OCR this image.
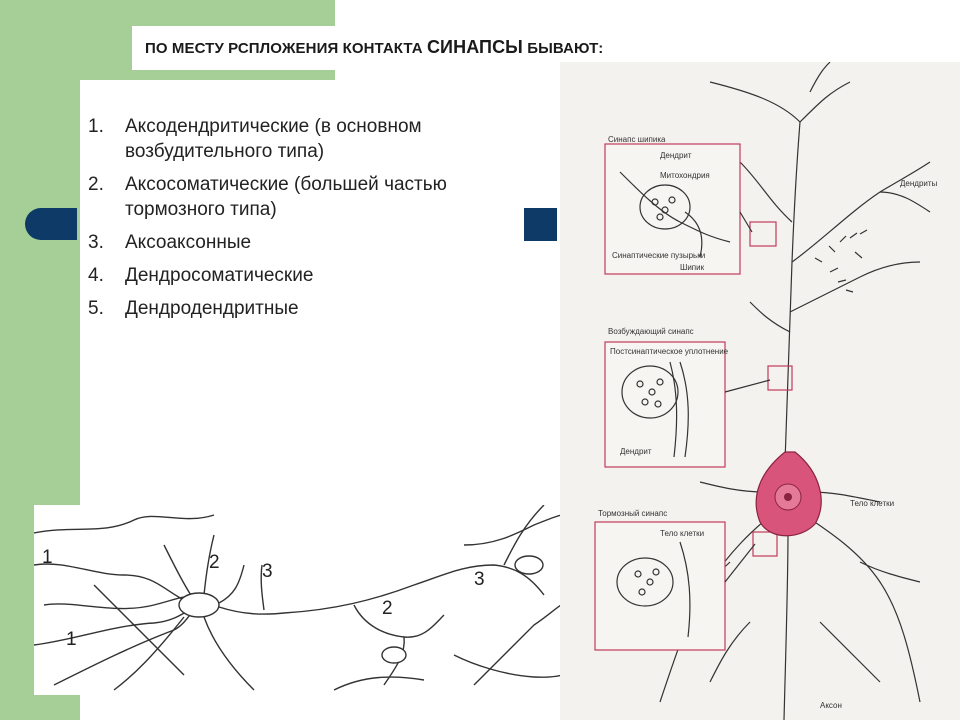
ПО МЕСТУ РСПЛОЖЕНИЯ КОНТАКТА СИНАПСЫ БЫВАЮТ:
1.	Аксодендритические (в основном возбудительного типа)
2.	Аксосоматические (большей частью тормозного типа)
3.	Аксоаксонные
4.	Дендросоматические
5.	Дендродендритные
1	2 3
1
3
2
Синапс шипика
Дендрит
Митохондрия
Синаптические пузырьки
Шипик
Дендриты
Возбуждающий синапс
Постсинаптическое уплотнение
Дендрит
Тормозный синапс
Тело клетки
Тело клетки
Аксон
